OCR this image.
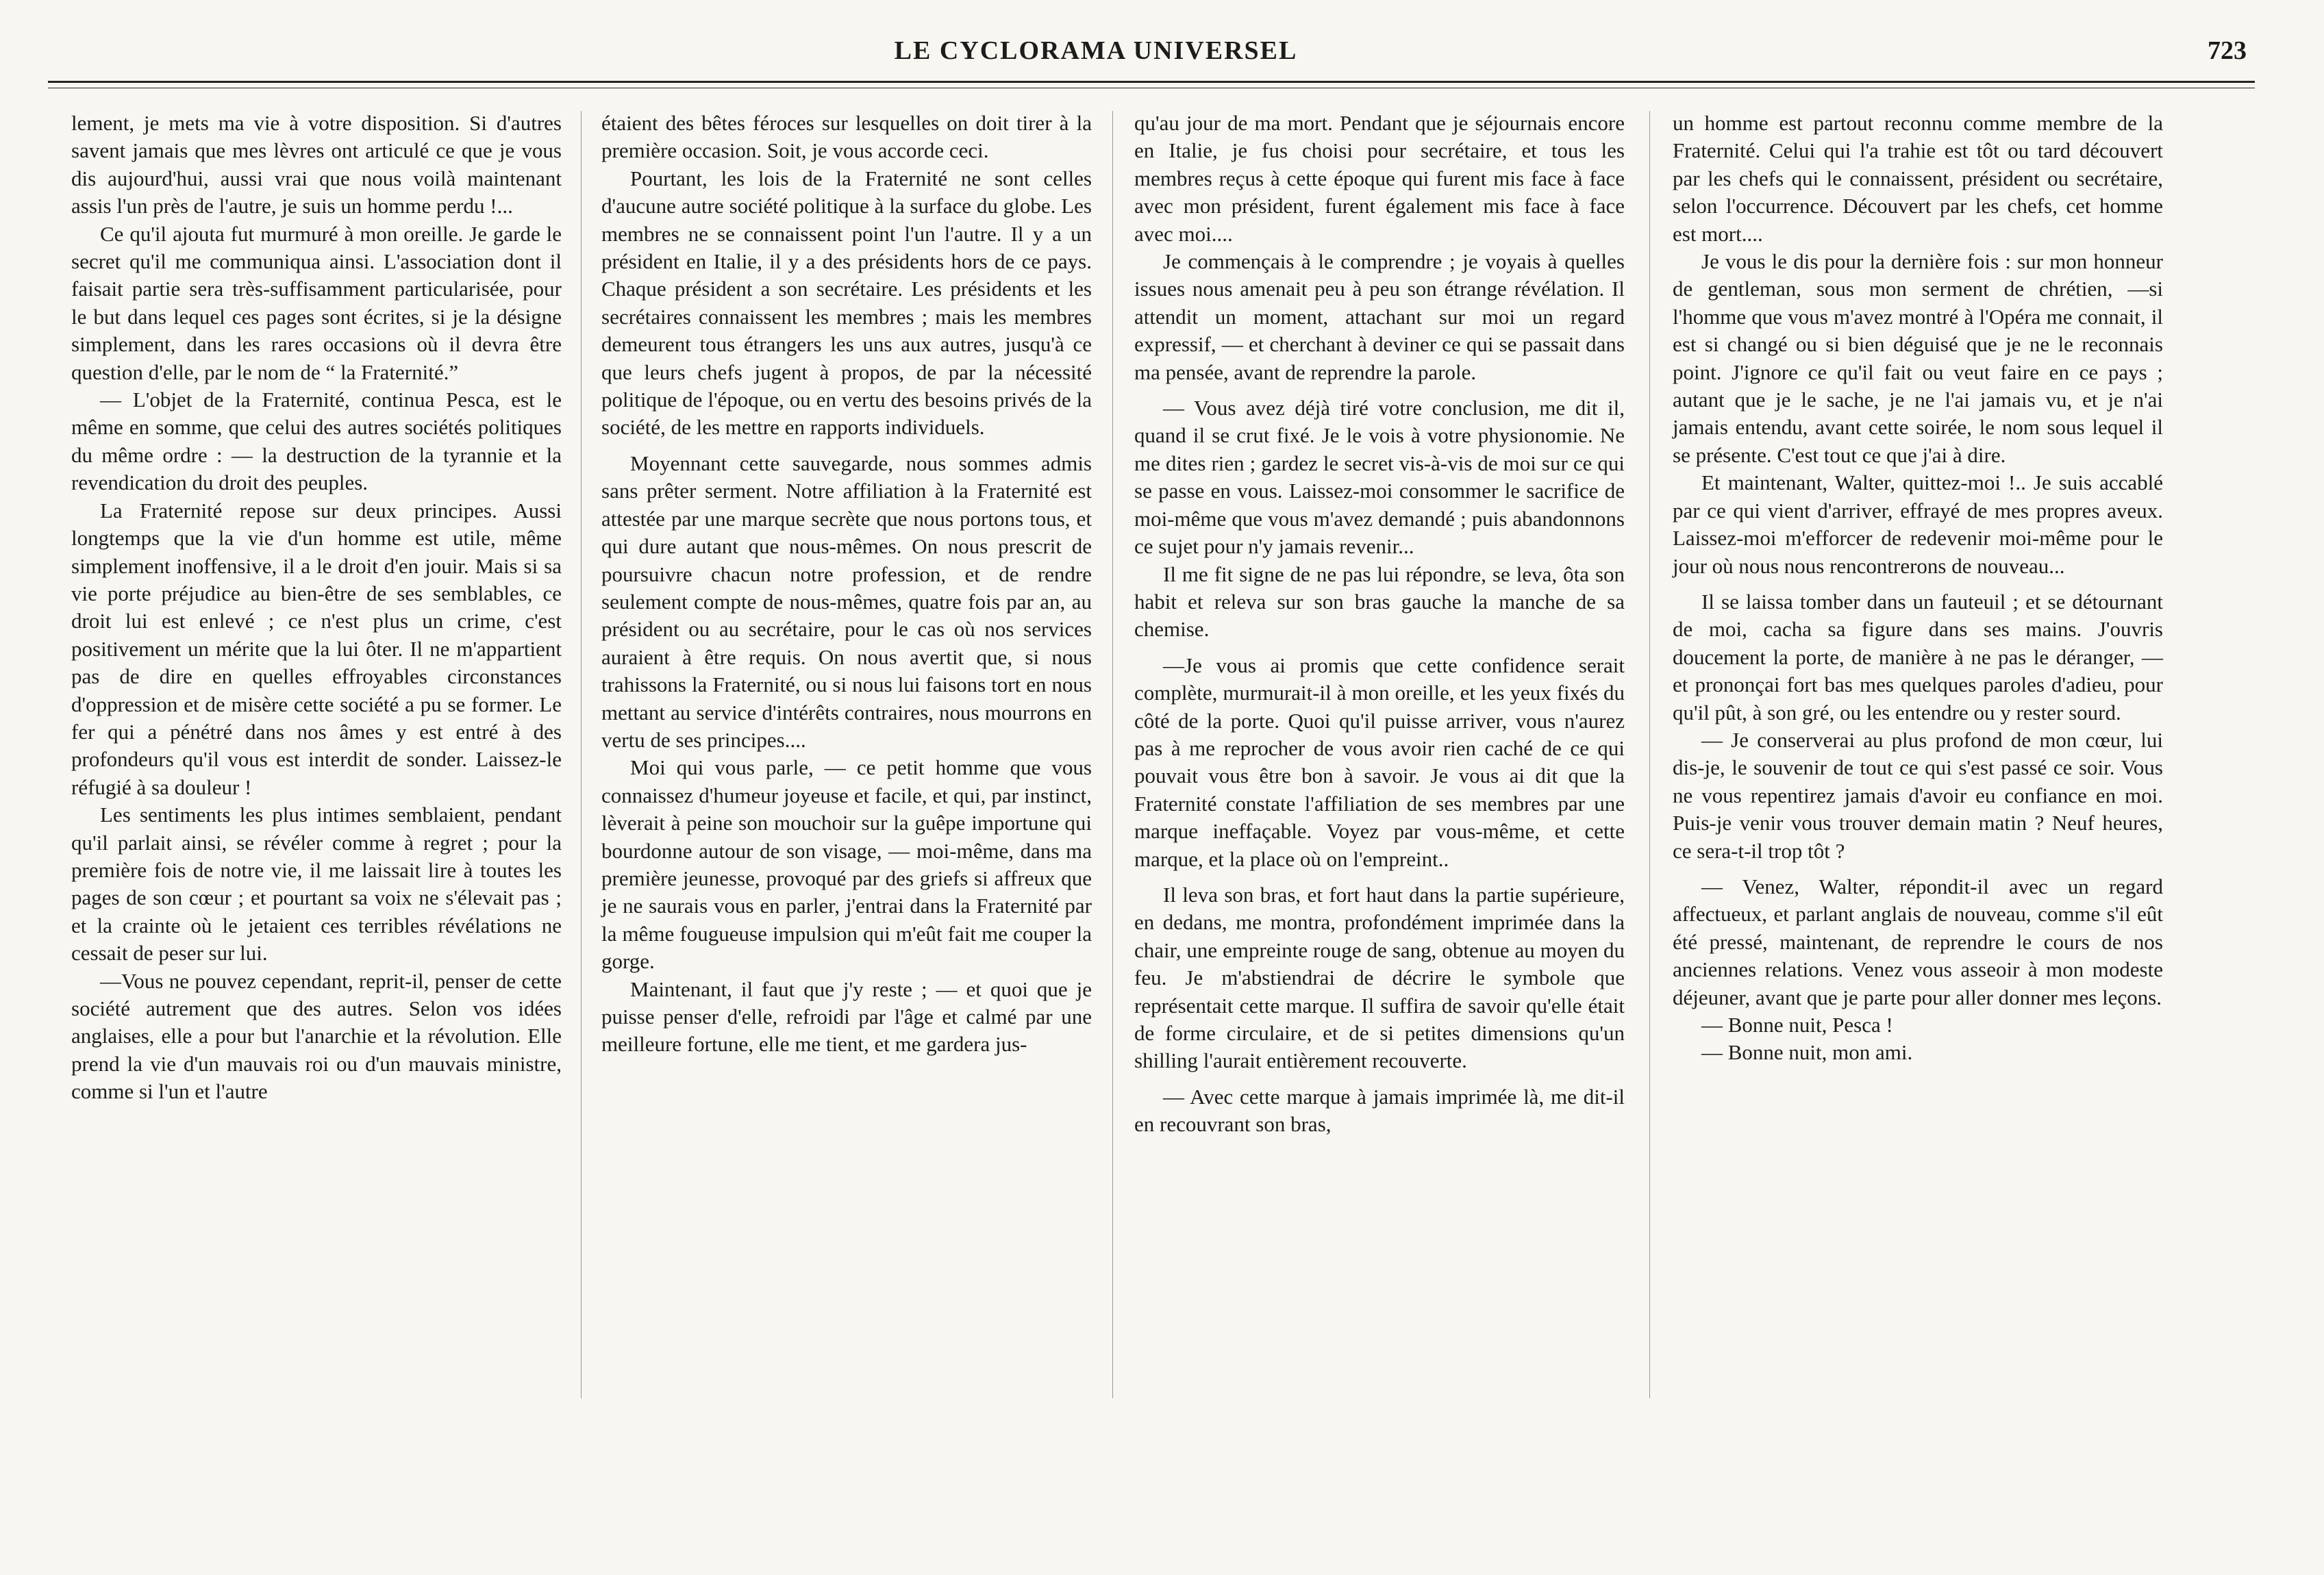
LE CYCLORAMA UNIVERSEL	723

lement, je mets ma vie à votre disposition. Si d'autres savent jamais que mes lèvres ont articulé ce que je vous dis aujourd'hui, aussi vrai que nous voilà maintenant assis l'un près de l'autre, je suis un homme perdu !...

Ce qu'il ajouta fut murmuré à mon oreille. Je garde le secret qu'il me communiqua ainsi. L'association dont il faisait partie sera très-suffisamment particularisée, pour le but dans lequel ces pages sont écrites, si je la désigne simplement, dans les rares occasions où il devra être question d'elle, par le nom de “ la Fraternité.”

— L'objet de la Fraternité, continua Pesca, est le même en somme, que celui des autres sociétés politiques du même ordre : — la destruction de la tyrannie et la revendication du droit des peuples.

La Fraternité repose sur deux principes. Aussi longtemps que la vie d'un homme est utile, même simplement inoffensive, il a le droit d'en jouir. Mais si sa vie porte préjudice au bien-être de ses semblables, ce droit lui est enlevé ; ce n'est plus un crime, c'est positivement un mérite que la lui ôter. Il ne m'appartient pas de dire en quelles effroyables circonstances d'oppression et de misère cette société a pu se former. Le fer qui a pénétré dans nos âmes y est entré à des profondeurs qu'il vous est interdit de sonder. Laissez-le réfugié à sa douleur !

Les sentiments les plus intimes semblaient, pendant qu'il parlait ainsi, se révéler comme à regret ; pour la première fois de notre vie, il me laissait lire à toutes les pages de son cœur ; et pourtant sa voix ne s'élevait pas ; et la crainte où le jetaient ces terribles révélations ne cessait de peser sur lui.

—Vous ne pouvez cependant, reprit-il, penser de cette société autrement que des autres. Selon vos idées anglaises, elle a pour but l'anarchie et la révolution. Elle prend la vie d'un mauvais roi ou d'un mauvais ministre, comme si l'un et l'autre

étaient des bêtes féroces sur lesquelles on doit tirer à la première occasion. Soit, je vous accorde ceci.

Pourtant, les lois de la Fraternité ne sont celles d'aucune autre société politique à la surface du globe. Les membres ne se connaissent point l'un l'autre. Il y a un président en Italie, il y a des présidents hors de ce pays. Chaque président a son secrétaire. Les présidents et les secrétaires connaissent les membres ; mais les membres demeurent tous étrangers les uns aux autres, jusqu'à ce que leurs chefs jugent à propos, de par la nécessité politique de l'époque, ou en vertu des besoins privés de la société, de les mettre en rapports individuels.

Moyennant cette sauvegarde, nous sommes admis sans prêter serment. Notre affiliation à la Fraternité est attestée par une marque secrète que nous portons tous, et qui dure autant que nous-mêmes. On nous prescrit de poursuivre chacun notre profession, et de rendre seulement compte de nous-mêmes, quatre fois par an, au président ou au secrétaire, pour le cas où nos services auraient à être requis. On nous avertit que, si nous trahissons la Fraternité, ou si nous lui faisons tort en nous mettant au service d'intérêts contraires, nous mourrons en vertu de ses principes....

Moi qui vous parle, — ce petit homme que vous connaissez d'humeur joyeuse et facile, et qui, par instinct, lèverait à peine son mouchoir sur la guêpe importune qui bourdonne autour de son visage, — moi-même, dans ma première jeunesse, provoqué par des griefs si affreux que je ne saurais vous en parler, j'entrai dans la Fraternité par la même fougueuse impulsion qui m'eût fait me couper la gorge.

Maintenant, il faut que j'y reste ; — et quoi que je puisse penser d'elle, refroidi par l'âge et calmé par une meilleure fortune, elle me tient, et me gardera jus-

qu'au jour de ma mort. Pendant que je séjournais encore en Italie, je fus choisi pour secrétaire, et tous les membres reçus à cette époque qui furent mis face à face avec mon président, furent également mis face à face avec moi....

Je commençais à le comprendre ; je voyais à quelles issues nous amenait peu à peu son étrange révélation. Il attendit un moment, attachant sur moi un regard expressif, — et cherchant à deviner ce qui se passait dans ma pensée, avant de reprendre la parole.

— Vous avez déjà tiré votre conclusion, me dit il, quand il se crut fixé. Je le vois à votre physionomie. Ne me dites rien ; gardez le secret vis-à-vis de moi sur ce qui se passe en vous. Laissez-moi consommer le sacrifice de moi-même que vous m'avez demandé ; puis abandonnons ce sujet pour n'y jamais revenir...

Il me fit signe de ne pas lui répondre, se leva, ôta son habit et releva sur son bras gauche la manche de sa chemise.

—Je vous ai promis que cette confidence serait complète, murmurait-il à mon oreille, et les yeux fixés du côté de la porte. Quoi qu'il puisse arriver, vous n'aurez pas à me reprocher de vous avoir rien caché de ce qui pouvait vous être bon à savoir. Je vous ai dit que la Fraternité constate l'affiliation de ses membres par une marque ineffaçable. Voyez par vous-même, et cette marque, et la place où on l'empreint..

Il leva son bras, et fort haut dans la partie supérieure, en dedans, me montra, profondément imprimée dans la chair, une empreinte rouge de sang, obtenue au moyen du feu. Je m'abstiendrai de décrire le symbole que représentait cette marque. Il suffira de savoir qu'elle était de forme circulaire, et de si petites dimensions qu'un shilling l'aurait entièrement recouverte.

— Avec cette marque à jamais imprimée là, me dit-il en recouvrant son bras,

un homme est partout reconnu comme membre de la Fraternité. Celui qui l'a trahie est tôt ou tard découvert par les chefs qui le connaissent, président ou secrétaire, selon l'occurrence. Découvert par les chefs, cet homme est mort....

Je vous le dis pour la dernière fois : sur mon honneur de gentleman, sous mon serment de chrétien, —si l'homme que vous m'avez montré à l'Opéra me connait, il est si changé ou si bien déguisé que je ne le reconnais point. J'ignore ce qu'il fait ou veut faire en ce pays ; autant que je le sache, je ne l'ai jamais vu, et je n'ai jamais entendu, avant cette soirée, le nom sous lequel il se présente. C'est tout ce que j'ai à dire.

Et maintenant, Walter, quittez-moi !.. Je suis accablé par ce qui vient d'arriver, effrayé de mes propres aveux. Laissez-moi m'efforcer de redevenir moi-même pour le jour où nous nous rencontrerons de nouveau...

Il se laissa tomber dans un fauteuil ; et se détournant de moi, cacha sa figure dans ses mains. J'ouvris doucement la porte, de manière à ne pas le déranger, — et prononçai fort bas mes quelques paroles d'adieu, pour qu'il pût, à son gré, ou les entendre ou y rester sourd.

— Je conserverai au plus profond de mon cœur, lui dis-je, le souvenir de tout ce qui s'est passé ce soir. Vous ne vous repentirez jamais d'avoir eu confiance en moi. Puis-je venir vous trouver demain matin ? Neuf heures, ce sera-t-il trop tôt ?

— Venez, Walter, répondit-il avec un regard affectueux, et parlant anglais de nouveau, comme s'il eût été pressé, maintenant, de reprendre le cours de nos anciennes relations. Venez vous asseoir à mon modeste déjeuner, avant que je parte pour aller donner mes leçons.

— Bonne nuit, Pesca !

— Bonne nuit, mon ami.
